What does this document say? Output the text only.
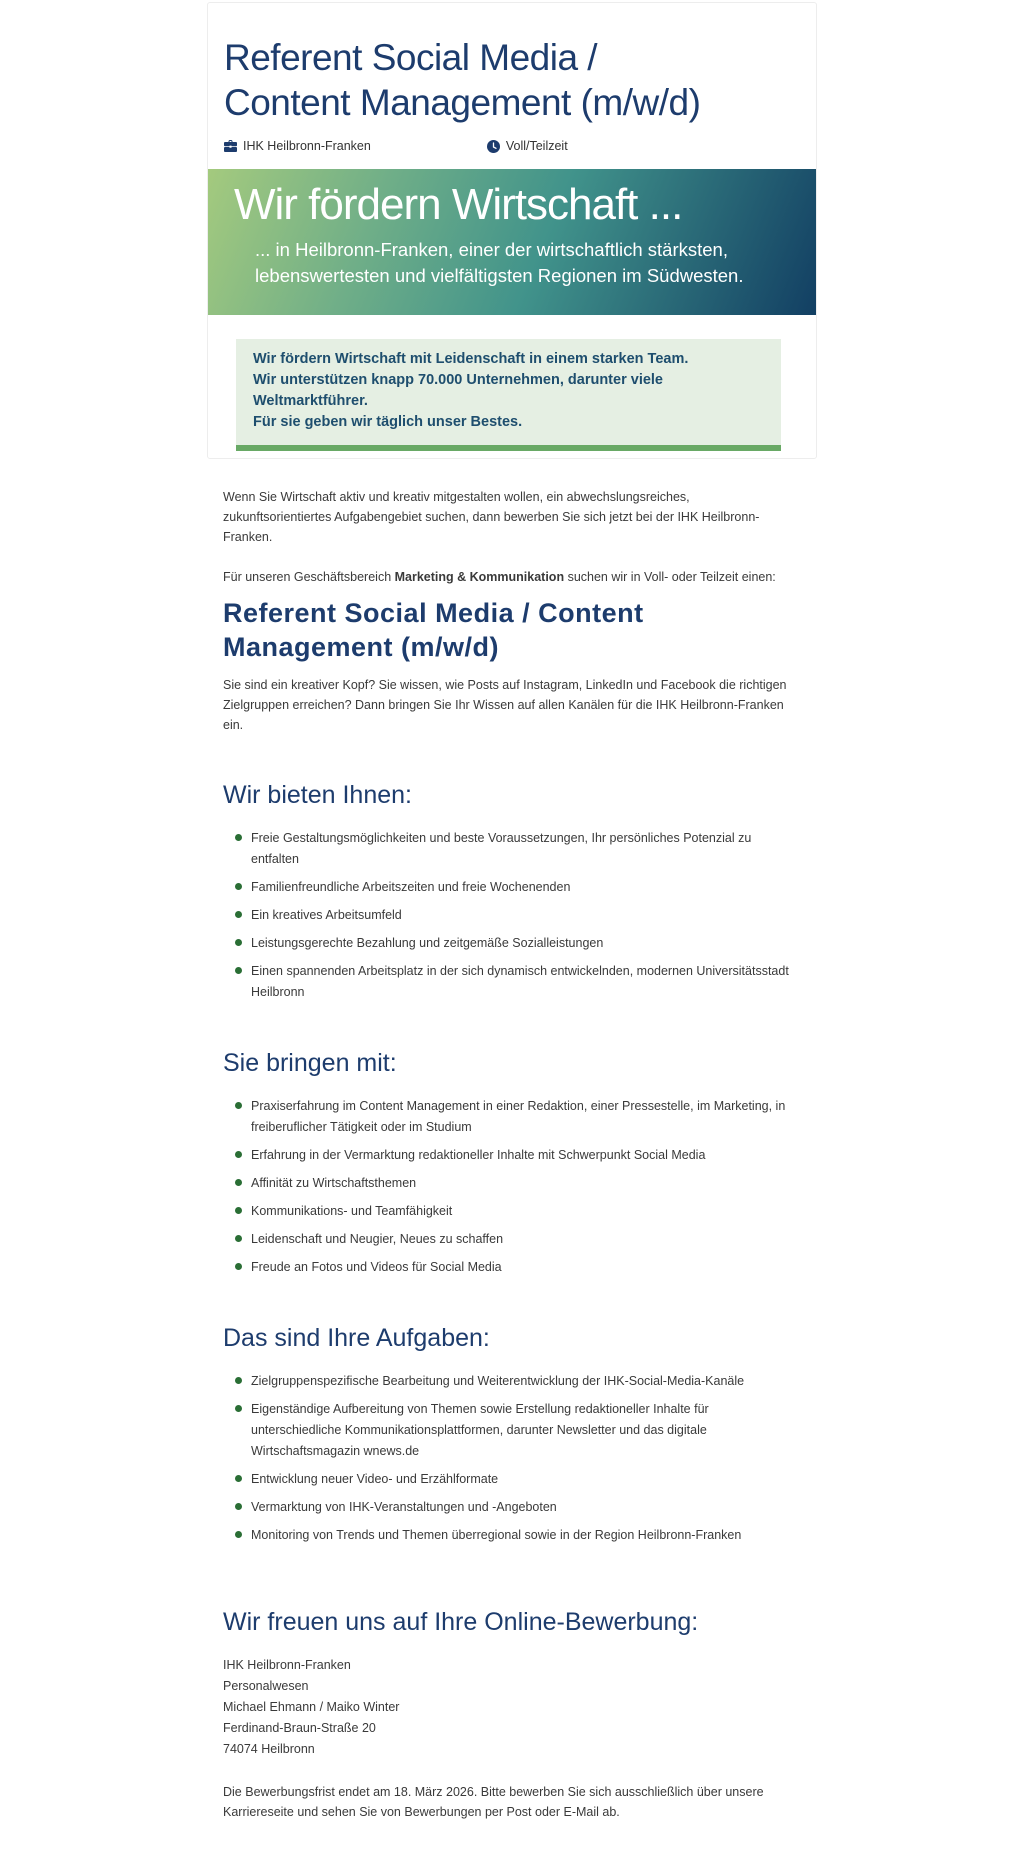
Referent Social Media /
Content Management (m/w/d)
IHK Heilbronn-Franken	Voll/Teilzeit
Wir fördern Wirtschaft ...
... in Heilbronn-Franken, einer der wirtschaftlich stärksten,
lebenswertesten und vielfältigsten Regionen im Südwesten.
Wir fördern Wirtschaft mit Leidenschaft in einem starken Team.
Wir unterstützen knapp 70.000 Unternehmen, darunter viele Weltmarktführer.
Für sie geben wir täglich unser Bestes.

Wenn Sie Wirtschaft aktiv und kreativ mitgestalten wollen, ein abwechslungsreiches, zukunftsorientiertes Aufgabengebiet suchen, dann bewerben Sie sich jetzt bei der IHK Heilbronn-Franken.

Für unseren Geschäftsbereich Marketing & Kommunikation suchen wir in Voll- oder Teilzeit einen:

Referent Social Media / Content Management (m/w/d)

Sie sind ein kreativer Kopf? Sie wissen, wie Posts auf Instagram, LinkedIn und Facebook die richtigen Zielgruppen erreichen? Dann bringen Sie Ihr Wissen auf allen Kanälen für die IHK Heilbronn-Franken ein.

Wir bieten Ihnen:
Freie Gestaltungsmöglichkeiten und beste Voraussetzungen, Ihr persönliches Potenzial zu entfalten
Familienfreundliche Arbeitszeiten und freie Wochenenden
Ein kreatives Arbeitsumfeld
Leistungsgerechte Bezahlung und zeitgemäße Sozialleistungen
Einen spannenden Arbeitsplatz in der sich dynamisch entwickelnden, modernen Universitätsstadt Heilbronn
Sie bringen mit:
Praxiserfahrung im Content Management in einer Redaktion, einer Pressestelle, im Marketing, in freiberuflicher Tätigkeit oder im Studium
Erfahrung in der Vermarktung redaktioneller Inhalte mit Schwerpunkt Social Media
Affinität zu Wirtschaftsthemen
Kommunikations- und Teamfähigkeit
Leidenschaft und Neugier, Neues zu schaffen
Freude an Fotos und Videos für Social Media
Das sind Ihre Aufgaben:
Zielgruppenspezifische Bearbeitung und Weiterentwicklung der IHK-Social-Media-Kanäle
Eigenständige Aufbereitung von Themen sowie Erstellung redaktioneller Inhalte für unterschiedliche Kommunikationsplattformen, darunter Newsletter und das digitale Wirtschaftsmagazin wnews.de
Entwicklung neuer Video- und Erzählformate
Vermarktung von IHK-Veranstaltungen und -Angeboten
Monitoring von Trends und Themen überregional sowie in der Region Heilbronn-Franken
Wir freuen uns auf Ihre Online-Bewerbung:
IHK Heilbronn-Franken
Personalwesen
Michael Ehmann / Maiko Winter
Ferdinand-Braun-Straße 20
74074 Heilbronn

Die Bewerbungsfrist endet am 18. März 2026. Bitte bewerben Sie sich ausschließlich über unsere Karriereseite und sehen Sie von Bewerbungen per Post oder E-Mail ab.
